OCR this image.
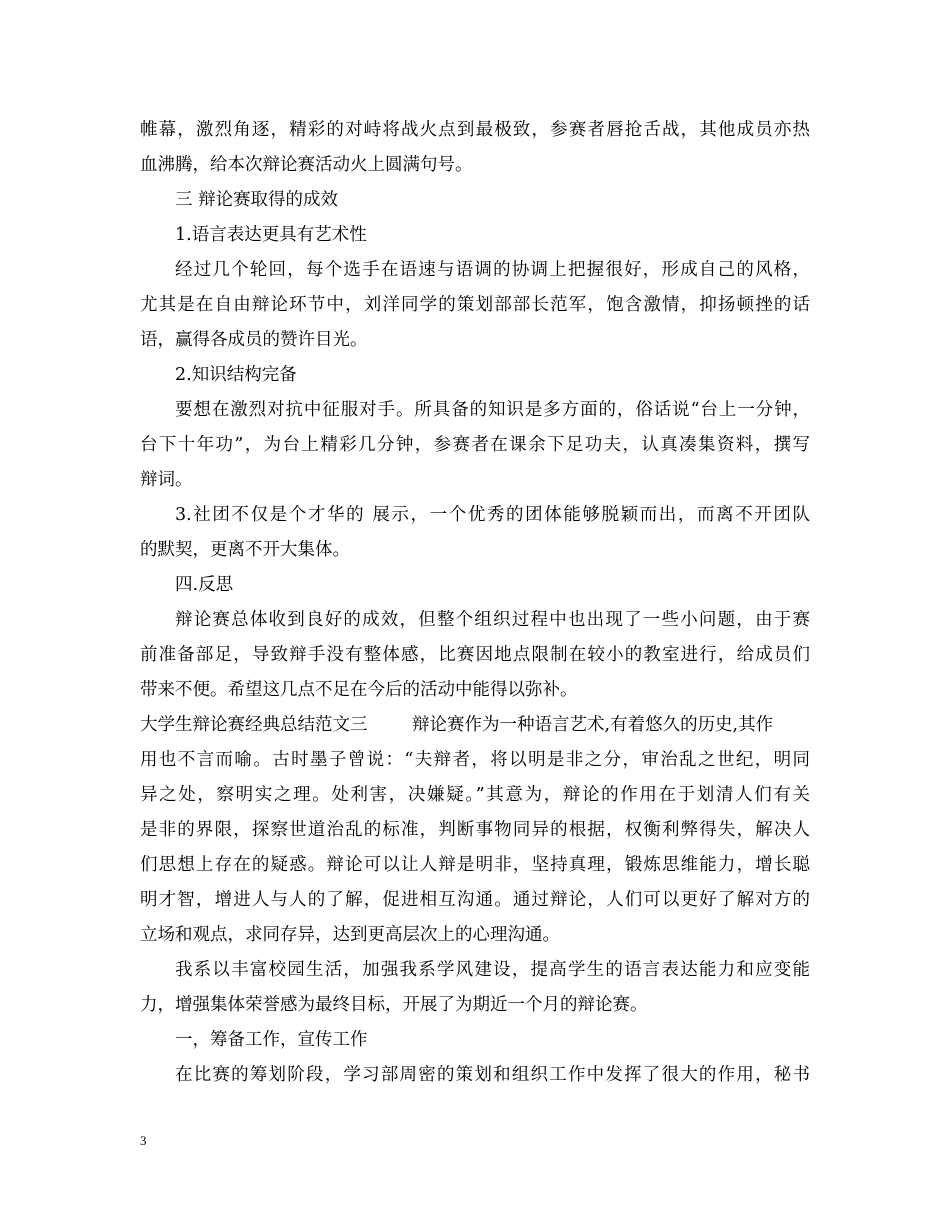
帷幕，激烈角逐，精彩的对峙将战火点到最极致，参赛者唇抢舌战，其他成员亦热
血沸腾，给本次辩论赛活动火上圆满句号。
三 辩论赛取得的成效
1.语言表达更具有艺术性
经过几个轮回，每个选手在语速与语调的协调上把握很好，形成自己的风格，
尤其是在自由辩论环节中，刘洋同学的策划部部长范军，饱含激情，抑扬顿挫的话
语，赢得各成员的赞许目光。
2.知识结构完备
要想在激烈对抗中征服对手。所具备的知识是多方面的，俗话说“台上一分钟，
台下十年功”，为台上精彩几分钟，参赛者在课余下足功夫，认真凑集资料，撰写
辩词。
3.社团不仅是个才华的 展示，一个优秀的团体能够脱颖而出，而离不开团队
的默契，更离不开大集体。
四.反思
辩论赛总体收到良好的成效，但整个组织过程中也出现了一些小问题，由于赛
前准备部足，导致辩手没有整体感，比赛因地点限制在较小的教室进行，给成员们
带来不便。希望这几点不足在今后的活动中能得以弥补。
大学生辩论赛经典总结范文三        辩论赛作为一种语言艺术,有着悠久的历史,其作
用也不言而喻。古时墨子曾说：“夫辩者，将以明是非之分，审治乱之世纪，明同
异之处，察明实之理。处利害，决嫌疑。”其意为，辩论的作用在于划清人们有关
是非的界限，探察世道治乱的标准，判断事物同异的根据，权衡利弊得失，解决人
们思想上存在的疑惑。辩论可以让人辩是明非，坚持真理，锻炼思维能力，增长聪
明才智，增进人与人的了解，促进相互沟通。通过辩论，人们可以更好了解对方的
立场和观点，求同存异，达到更高层次上的心理沟通。
我系以丰富校园生活，加强我系学风建设，提高学生的语言表达能力和应变能
力，增强集体荣誉感为最终目标，开展了为期近一个月的辩论赛。
一，筹备工作，宣传工作
在比赛的筹划阶段，学习部周密的策划和组织工作中发挥了很大的作用，秘书
3
